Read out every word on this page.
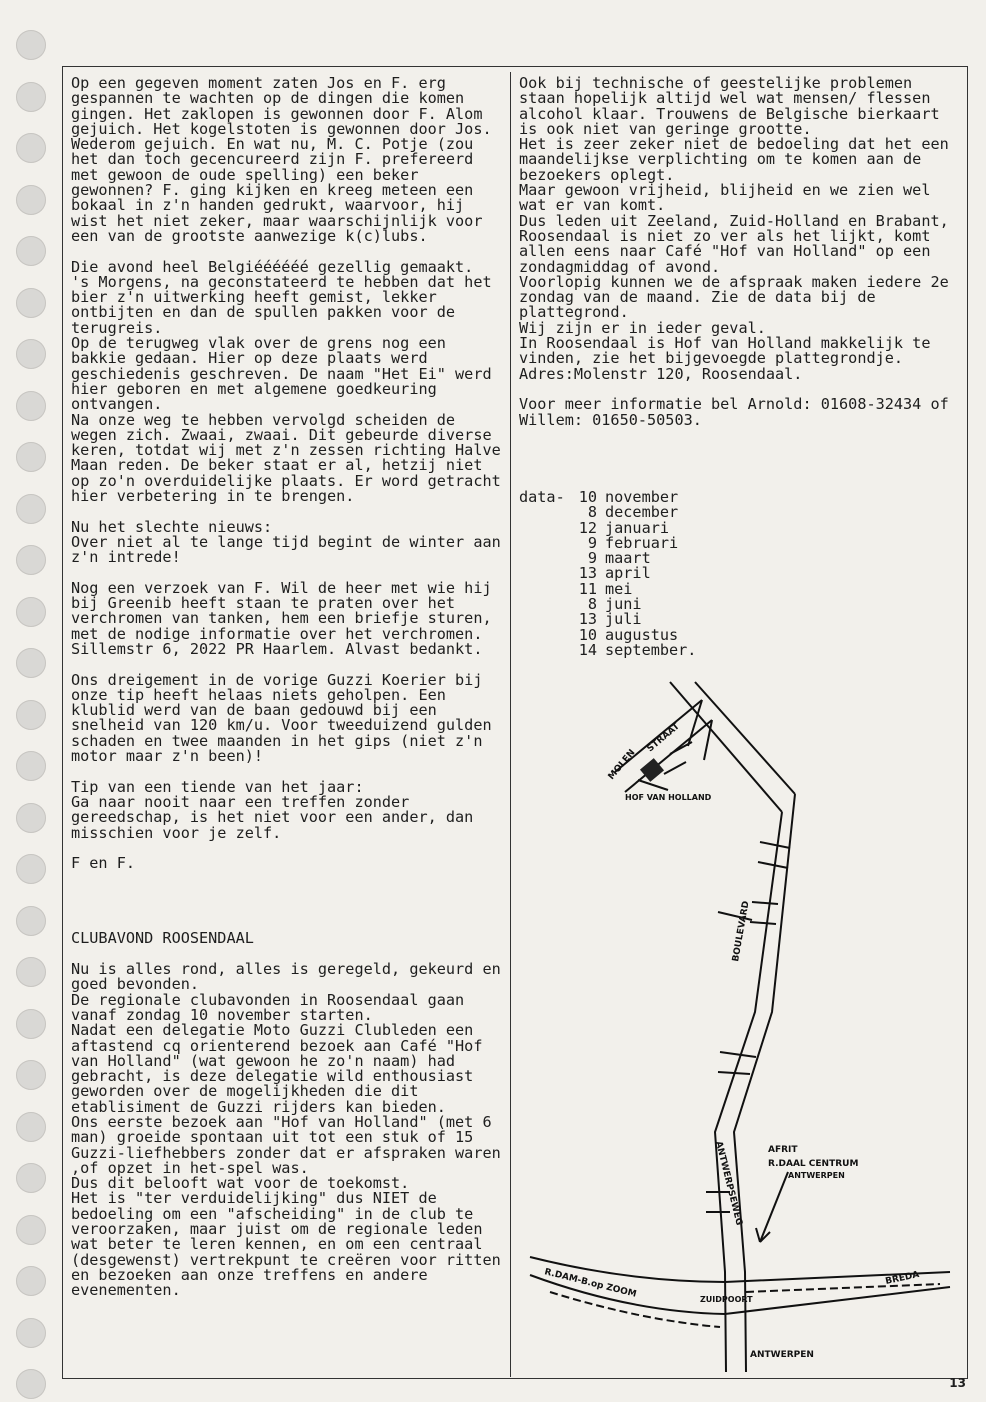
Op een gegeven moment zaten Jos en F. erg gespannen te wachten op de dingen die komen gingen. Het zaklopen is gewonnen door F. Alom gejuich. Het kogelstoten is gewonnen door Jos. Wederom gejuich. En wat nu, M. C. Potje (zou het dan toch gecencureerd zijn F. prefereerd met gewoon de oude spelling) een beker gewonnen? F. ging kijken en kreeg meteen een bokaal in z'n handen gedrukt, waarvoor, hij wist het niet zeker, maar waarschijnlijk voor een van de grootste aanwezige k(c)lubs.

Die avond heel Belgiéééééé gezellig gemaakt.
's Morgens, na geconstateerd te hebben dat het bier z'n uitwerking heeft gemist, lekker ontbijten en dan de spullen pakken voor de terugreis.
Op de terugweg vlak over de grens nog een bakkie gedaan. Hier op deze plaats werd geschiedenis geschreven. De naam "Het Ei" werd hier geboren en met algemene goedkeuring ontvangen.
Na onze weg te hebben vervolgd scheiden de wegen zich. Zwaai, zwaai. Dit gebeurde diverse keren, totdat wij met z'n zessen richting Halve Maan reden. De beker staat er al, hetzij niet op zo'n overduidelijke plaats. Er word getracht hier verbetering in te brengen.

Nu het slechte nieuws:
Over niet al te lange tijd begint de winter aan z'n intrede!

Nog een verzoek van F. Wil de heer met wie hij bij Greenib heeft staan te praten over het verchromen van tanken, hem een briefje sturen, met de nodige informatie over het verchromen.
Sillemstr 6, 2022 PR Haarlem. Alvast bedankt.

Ons dreigement in de vorige Guzzi Koerier bij onze tip heeft helaas niets geholpen. Een klublid werd van de baan gedouwd bij een snelheid van 120 km/u. Voor tweeduizend gulden schaden en twee maanden in het gips (niet z'n motor maar z'n been)!

Tip van een tiende van het jaar:
Ga naar nooit naar een treffen zonder gereedschap, is het niet voor een ander, dan misschien voor je zelf.

F en F.

CLUBAVOND ROOSENDAAL

Nu is alles rond, alles is geregeld, gekeurd en goed bevonden.
De regionale clubavonden in Roosendaal gaan vanaf zondag 10 november starten.
Nadat een delegatie Moto Guzzi Clubleden een aftastend cq orienterend bezoek aan Café "Hof van Holland" (wat gewoon he zo'n naam) had gebracht, is deze delegatie wild enthousiast geworden over de mogelijkheden die dit etablisiment de Guzzi rijders kan bieden.
Ons eerste bezoek aan "Hof van Holland" (met 6 man) groeide spontaan uit tot een stuk of 15 Guzzi-liefhebbers zonder dat er afspraken waren ,of opzet in het-spel was.
Dus dit belooft wat voor de toekomst.
Het is "ter verduidelijking" dus NIET de bedoeling om een "afscheiding" in de club te veroorzaken, maar juist om de regionale leden wat beter te leren kennen, en om een centraal (desgewenst) vertrekpunt te creëren voor ritten en bezoeken aan onze treffens en andere evenementen.

Ook bij technische of geestelijke problemen staan hopelijk altijd wel wat mensen/ flessen alcohol klaar. Trouwens de Belgische bierkaart is ook niet van geringe grootte.
Het is zeer zeker niet de bedoeling dat het een maandelijkse verplichting om te komen aan de bezoekers oplegt.
Maar gewoon vrijheid, blijheid en we zien wel wat er van komt.
Dus leden uit Zeeland, Zuid-Holland en Brabant, Roosendaal is niet zo ver als het lijkt, komt allen eens naar Café "Hof van Holland" op een zondagmiddag of avond.
Voorlopig kunnen we de afspraak maken iedere 2e zondag van de maand. Zie de data bij de plattegrond.
Wij zijn er in ieder geval.
In Roosendaal is Hof van Holland makkelijk te vinden, zie het bijgevoegde plattegrondje.
Adres:Molenstr 120, Roosendaal.

Voor meer informatie bel Arnold: 01608-32434 of Willem: 01650-50503.

data- 10 november
8 december
12 januari
9 februari
9 maart
13 april
11 mei
8 juni
13 juli
10 augustus
14 september.
MOLEN
STRAAT
HOF VAN HOLLAND
BOULEVARD
AFRIT
R.DAAL CENTRUM
ANTWERPEN
ANTWERPSEWEG
R.DAM-B.op ZOOM	ZUIDPOORT
BREDA
ANTWERPEN
13
